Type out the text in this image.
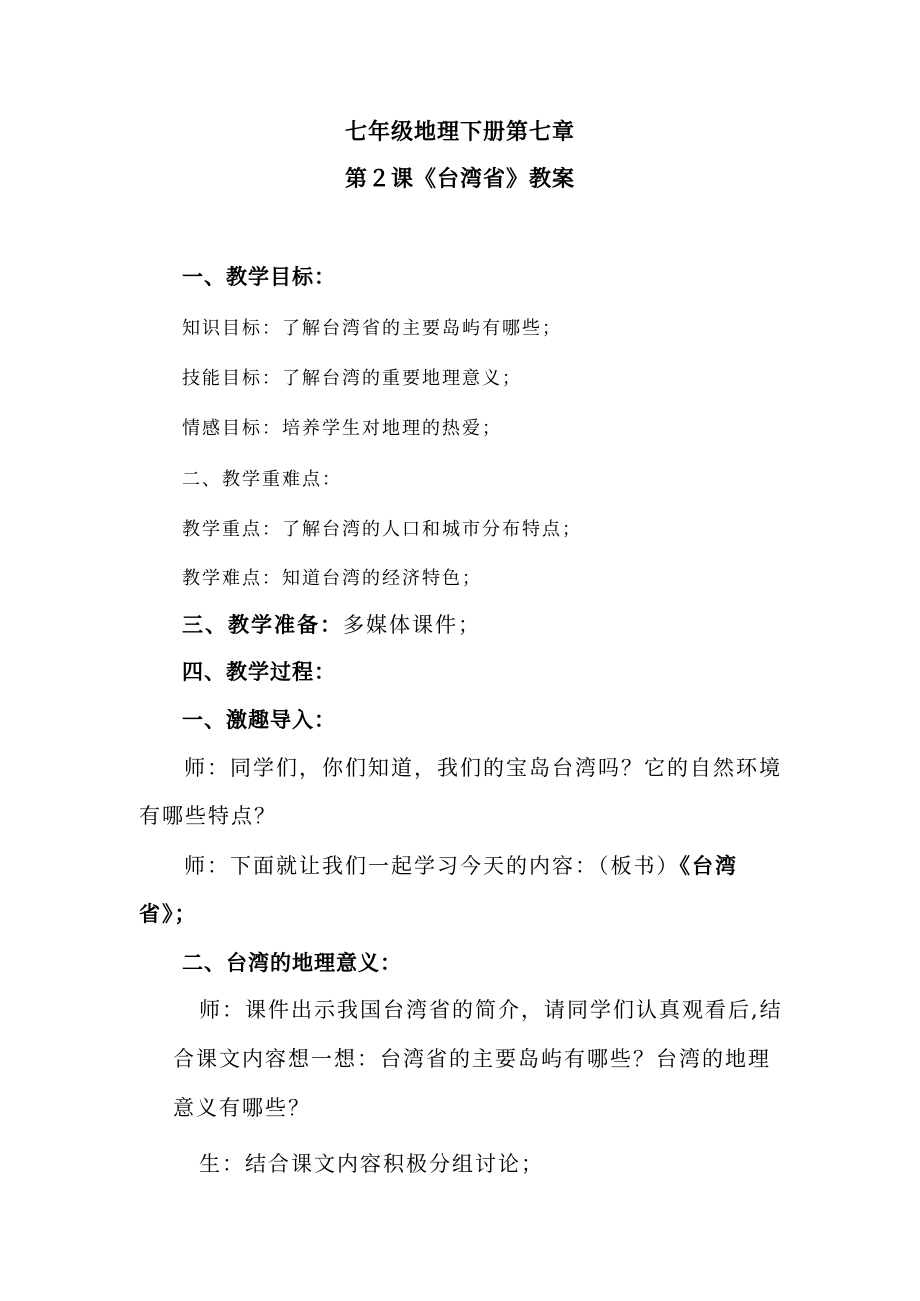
七年级地理下册第七章
第２课《台湾省》教案
一、教学目标：
知识目标：了解台湾省的主要岛屿有哪些；
技能目标：了解台湾的重要地理意义；
情感目标：培养学生对地理的热爱；
二、教学重难点：
教学重点：了解台湾的人口和城市分布特点；
教学难点：知道台湾的经济特色；
三、教学准备：多媒体课件；
四、教学过程：
一、激趣导入：
师：同学们，你们知道，我们的宝岛台湾吗？它的自然环境
有哪些特点？
师：下面就让我们一起学习今天的内容：（板书）《台湾
省》；
二、台湾的地理意义：
师：课件出示我国台湾省的简介，请同学们认真观看后,结
合课文内容想一想：台湾省的主要岛屿有哪些？台湾的地理
意义有哪些？
生：结合课文内容积极分组讨论；
